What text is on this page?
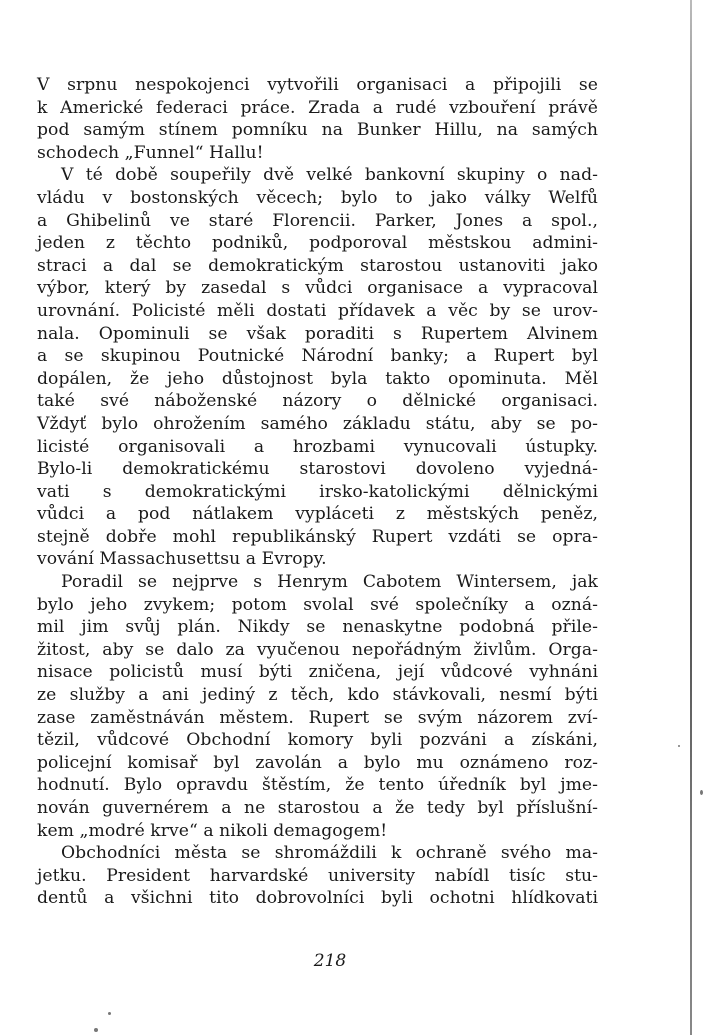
V srpnu nespokojenci vytvořili organisaci a připojili se
k Americké federaci práce. Zrada a rudé vzbouření právě
pod samým stínem pomníku na Bunker Hillu, na samých
schodech „Funnel“ Hallu!
V té době soupeřily dvě velké bankovní skupiny o nad-
vládu v bostonských věcech; bylo to jako války Welfů
a Ghibelinů ve staré Florencii. Parker, Jones a spol.,
jeden z těchto podniků, podporoval městskou admini-
straci a dal se demokratickým starostou ustanoviti jako
výbor, který by zasedal s vůdci organisace a vypracoval
urovnání. Policisté měli dostati přídavek a věc by se urov-
nala. Opominuli se však poraditi s Rupertem Alvinem
a se skupinou Poutnické Národní banky; a Rupert byl
dopálen, že jeho důstojnost byla takto opominuta. Měl
také své náboženské názory o dělnické organisaci.
Vždyť bylo ohrožením samého základu státu, aby se po-
licisté organisovali a hrozbami vynucovali ústupky.
Bylo-li demokratickému starostovi dovoleno vyjedná-
vati s demokratickými irsko-katolickými dělnickými
vůdci a pod nátlakem vypláceti z městských peněz,
stejně dobře mohl republikánský Rupert vzdáti se opra-
vování Massachusettsu a Evropy.
Poradil se nejprve s Henrym Cabotem Wintersem, jak
bylo jeho zvykem; potom svolal své společníky a ozná-
mil jim svůj plán. Nikdy se nenaskytne podobná přile-
žitost, aby se dalo za vyučenou nepořádným živlům. Orga-
nisace policistů musí býti zničena, její vůdcové vyhnáni
ze služby a ani jediný z těch, kdo stávkovali, nesmí býti
zase zaměstnáván městem. Rupert se svým názorem zví-
tězil, vůdcové Obchodní komory byli pozváni a získáni,
policejní komisař byl zavolán a bylo mu oznámeno roz-
hodnutí. Bylo opravdu štěstím, že tento úředník byl jme-
nován guvernérem a ne starostou a že tedy byl příslušní-
kem „modré krve“ a nikoli demagogem!
Obchodníci města se shromáždili k ochraně svého ma-
jetku. President harvardské university nabídl tisíc stu-
dentů a všichni tito dobrovolníci byli ochotni hlídkovati
218
